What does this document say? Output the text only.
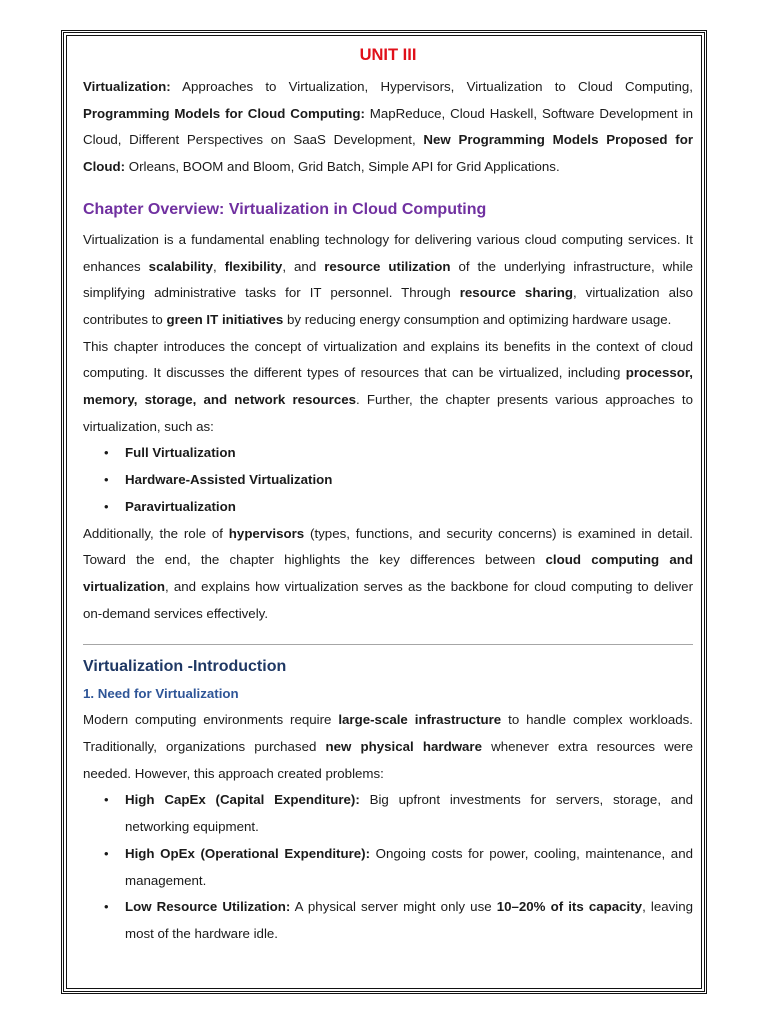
UNIT III

Virtualization: Approaches to Virtualization, Hypervisors, Virtualization to Cloud Computing, Programming Models for Cloud Computing: MapReduce, Cloud Haskell, Software Development in Cloud, Different Perspectives on SaaS Development, New Programming Models Proposed for Cloud: Orleans, BOOM and Bloom, Grid Batch, Simple API for Grid Applications.

Chapter Overview: Virtualization in Cloud Computing

Virtualization is a fundamental enabling technology for delivering various cloud computing services. It enhances scalability, flexibility, and resource utilization of the underlying infrastructure, while simplifying administrative tasks for IT personnel. Through resource sharing, virtualization also contributes to green IT initiatives by reducing energy consumption and optimizing hardware usage.

This chapter introduces the concept of virtualization and explains its benefits in the context of cloud computing. It discusses the different types of resources that can be virtualized, including processor, memory, storage, and network resources. Further, the chapter presents various approaches to virtualization, such as:

• Full Virtualization
• Hardware-Assisted Virtualization
• Paravirtualization

Additionally, the role of hypervisors (types, functions, and security concerns) is examined in detail. Toward the end, the chapter highlights the key differences between cloud computing and virtualization, and explains how virtualization serves as the backbone for cloud computing to deliver on-demand services effectively.

Virtualization -Introduction
1. Need for Virtualization

Modern computing environments require large-scale infrastructure to handle complex workloads. Traditionally, organizations purchased new physical hardware whenever extra resources were needed. However, this approach created problems:

• High CapEx (Capital Expenditure): Big upfront investments for servers, storage, and networking equipment.
• High OpEx (Operational Expenditure): Ongoing costs for power, cooling, maintenance, and management.
• Low Resource Utilization: A physical server might only use 10–20% of its capacity, leaving most of the hardware idle.
